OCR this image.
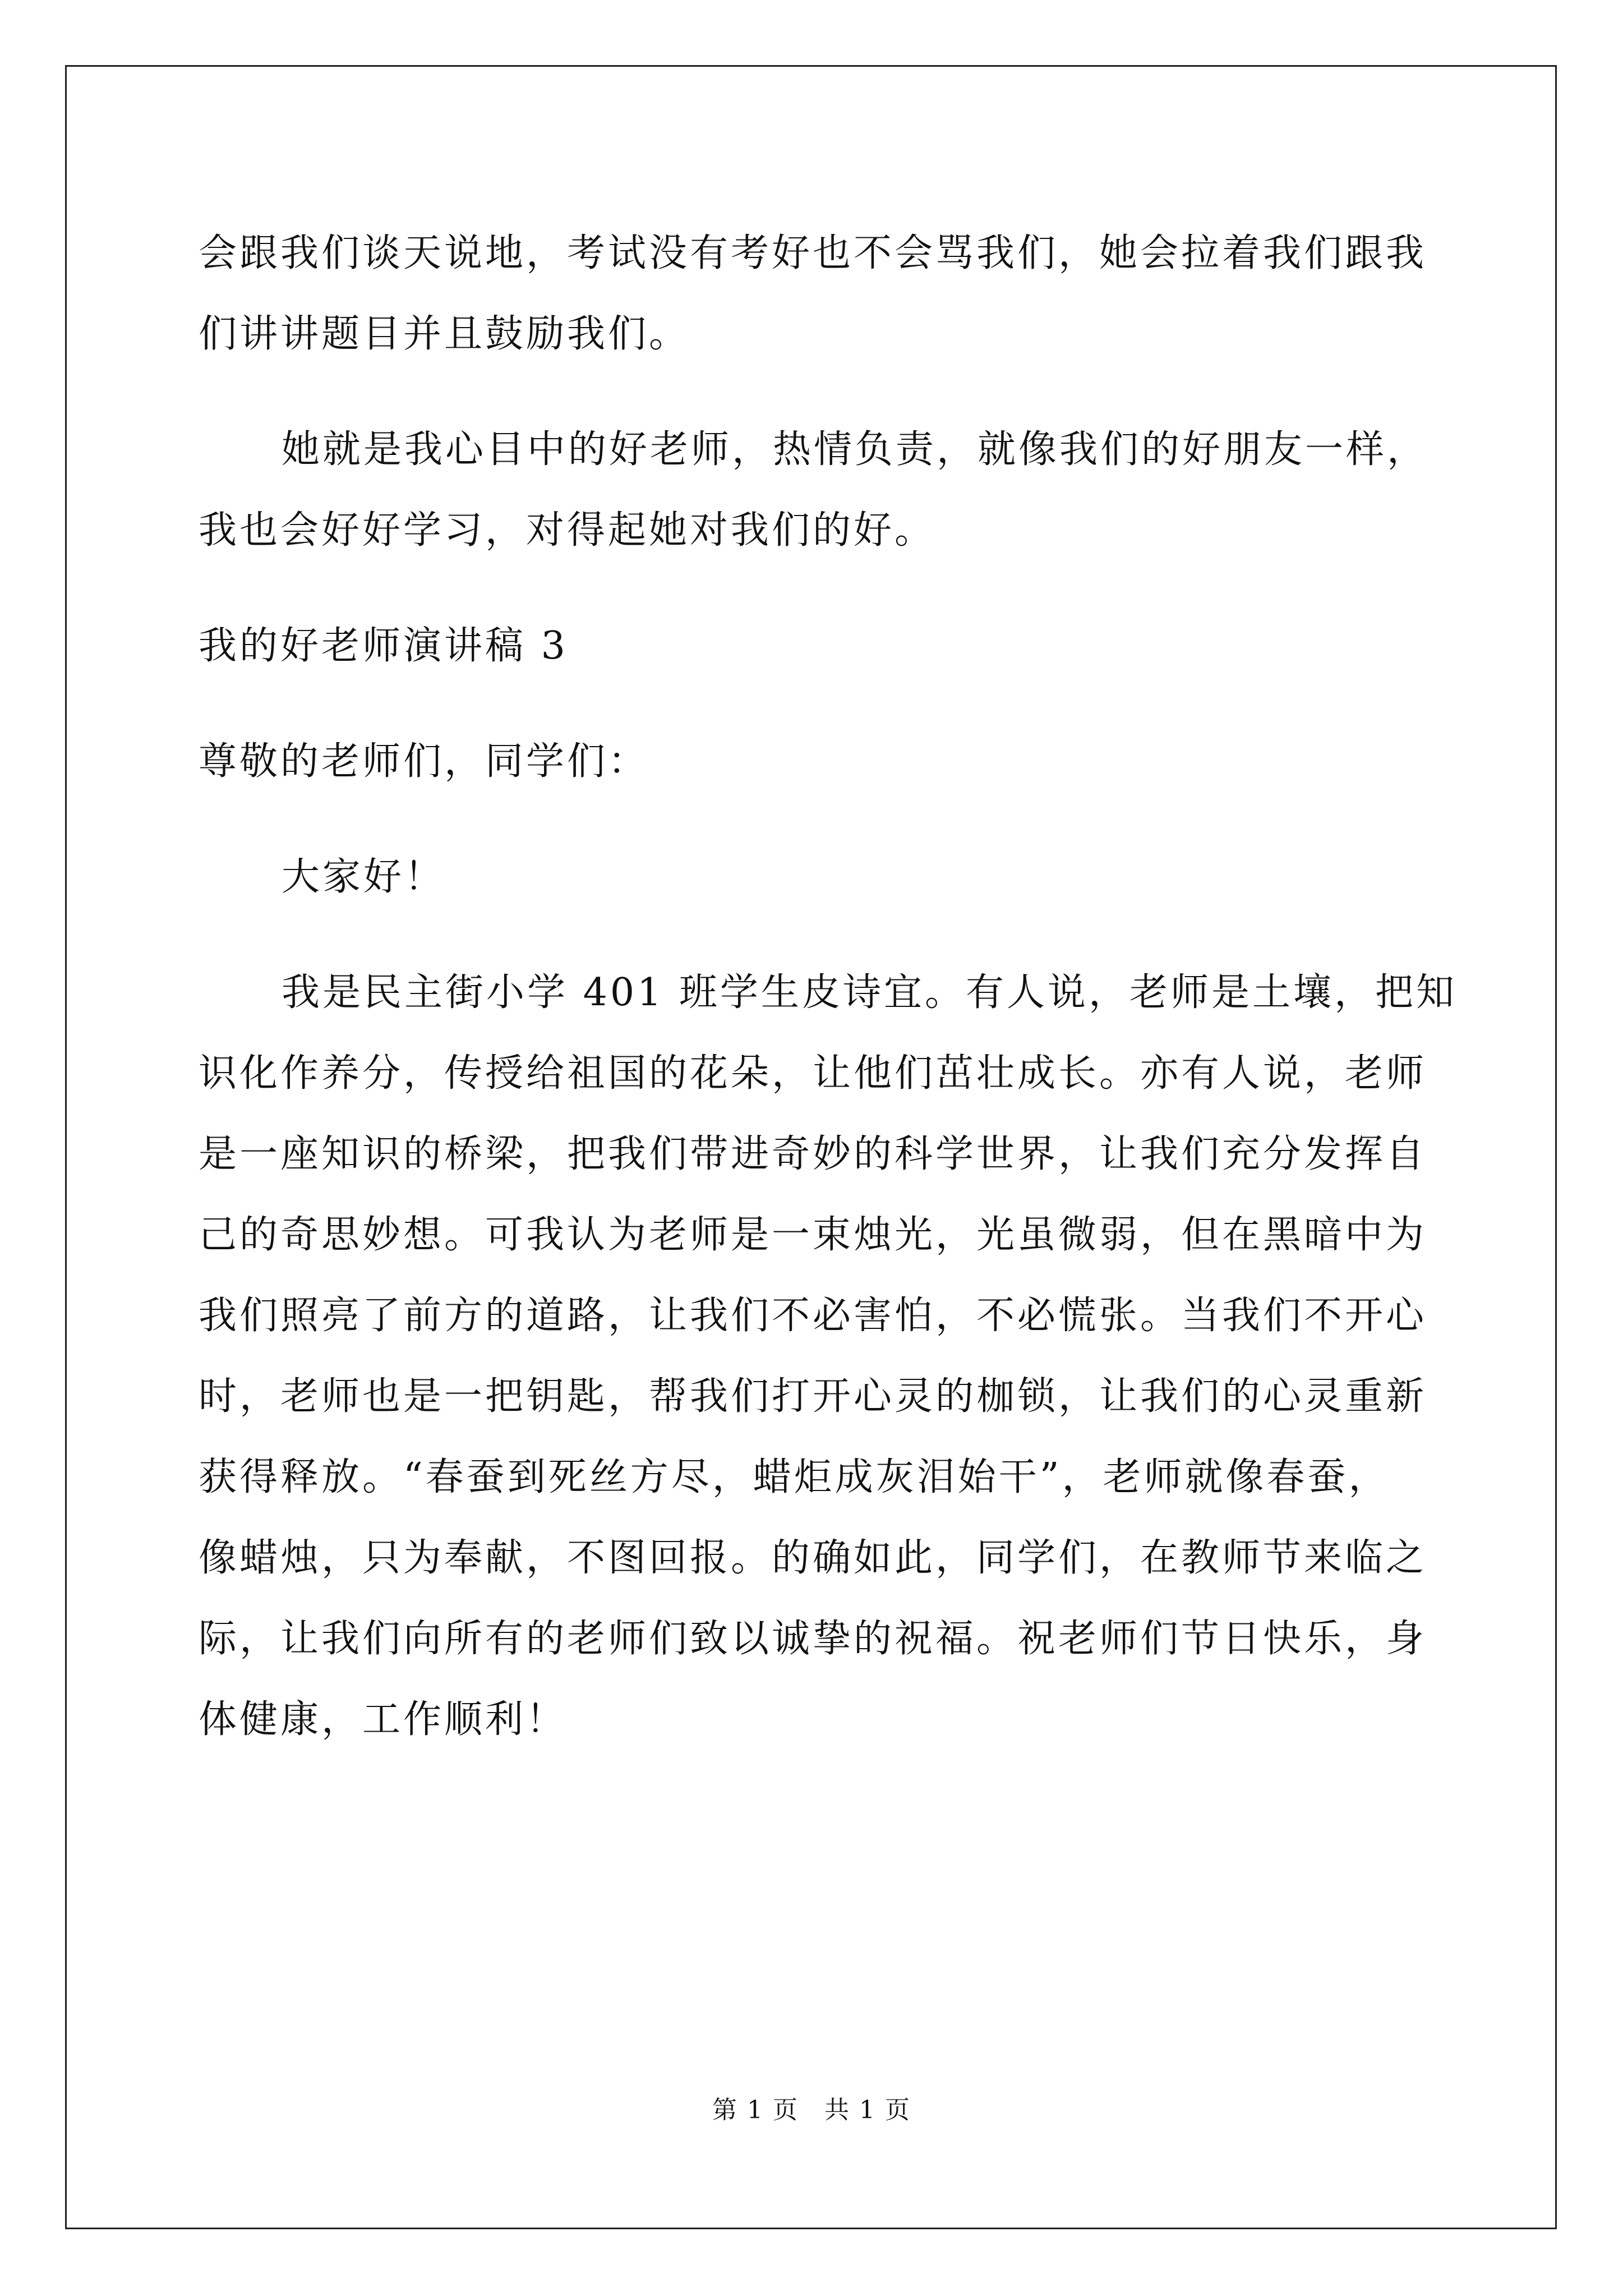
会跟我们谈天说地，考试没有考好也不会骂我们，她会拉着我们跟我
们讲讲题目并且鼓励我们。
她就是我心目中的好老师，热情负责，就像我们的好朋友一样，
我也会好好学习，对得起她对我们的好。
我的好老师演讲稿 3
尊敬的老师们，同学们：
大家好！
我是民主街小学 401 班学生皮诗宜。有人说，老师是土壤，把知
识化作养分，传授给祖国的花朵，让他们茁壮成长。亦有人说，老师
是一座知识的桥梁，把我们带进奇妙的科学世界，让我们充分发挥自
己的奇思妙想。可我认为老师是一束烛光，光虽微弱，但在黑暗中为
我们照亮了前方的道路，让我们不必害怕，不必慌张。当我们不开心
时，老师也是一把钥匙，帮我们打开心灵的枷锁，让我们的心灵重新
获得释放。“春蚕到死丝方尽，蜡炬成灰泪始干”，老师就像春蚕，
像蜡烛，只为奉献，不图回报。的确如此，同学们，在教师节来临之
际，让我们向所有的老师们致以诚挚的祝福。祝老师们节日快乐，身
体健康，工作顺利！
第 1 页　共 1 页
